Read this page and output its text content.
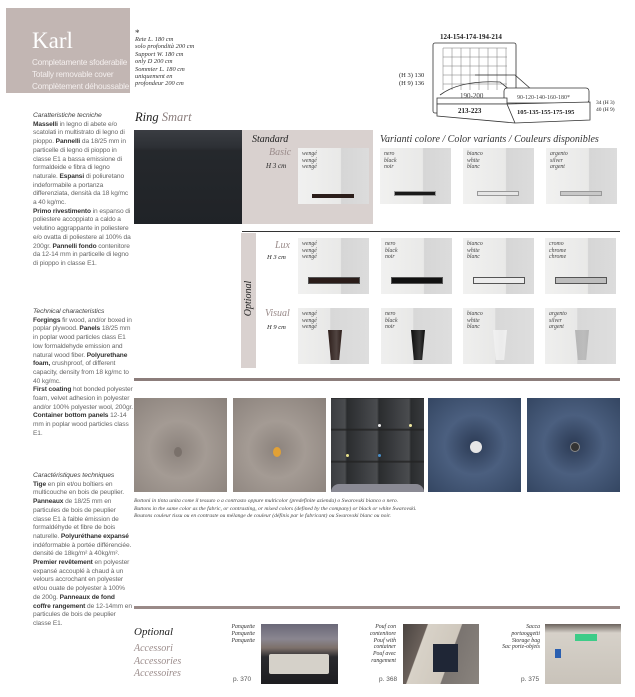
Karl
Completamente sfoderabile
Totally removable cover
Complètement déhoussable
*
Rete L. 180 cm
solo profondità 200 cm
Support W. 180 cm
only D 200 cm
Sommier L. 180 cm
uniquement en
profondeur 200 cm
124-154-174-194-214
(H 3) 130
(H 9) 136
190-200	90-120-140-160-180*
213-223	105-135-155-175-195
34 (H 3)
40 (H 9)
Caratteristiche tecniche
Masselli in legno di abete e/o scatolati in multistrato di legno di pioppo. Pannelli da 18/25 mm in particelle di legno di pioppo in classe E1 a bassa emissione di formaldeide e fibra di legno naturale. Espansi di poliuretano indeformabile a portanza differenziata, densità da 18 kg/mc a 40 kg/mc.
Primo rivestimento in espanso di poliestere accoppiato a caldo a velutino aggrappante in poliestere e/o ovatta di poliestere al 100% da 200gr. Pannelli fondo contenitore da 12-14 mm in particelle di legno di pioppo in classe E1.
Technical characteristics
Forgings fir wood, and/or boxed in poplar plywood. Panels 18/25 mm in poplar wood particles class E1 low formaldehyde emission and natural wood fiber. Polyurethane foam, crushproof, of different capacity, density from 18 kg/mc to 40 kg/mc.
First coating hot bonded polyester foam, velvet adhesion in polyester and/or 100% polyester wool, 200gr. Container bottom panels 12-14 mm in poplar wood particles class E1.
Caractéristiques techniques
Tige en pin et/ou boîtiers en multicouche en bois de peuplier. Panneaux de 18/25 mm en particules de bois de peuplier classe E1 à faible émission de formaldéhyde et fibre de bois naturelle. Polyuréthane expansé indéformable à portée différenciée. densité de 18kg/m² à 40kg/m².
Premier revêtement en polyester expansé accouplé à chaud à un velours accrochant en polyester et/ou ouate de polyester à 100% de 200g. Panneaux de fond coffre rangement de 12-14mm en particules de bois de peuplier classe E1.
Ring Smart
Standard
Basic
H 3 cm
wengé
wengé
wengé
Varianti colore / Color variants / Couleurs disponibles
Optional
Lux
H 3 cm
Visual
H 9 cm
Bottoni in tinta unita come il tessuto o a contrasto oppure multicolor (predefinite azienda) o Swarovski bianco o nero.
Buttons in the same color as the fabric, or contrasting, or mixed colors (defined by the company) or black or white Swarovski.
Boutons couleur tissu ou en contraste ou mélange de couleur (définis par le fabricant) ou Swarovski blanc ou noir.
Optional
Accessori
Accessories
Accessoires
Panquette
Panquette
Panquette
p. 370
Pouf con
contenitore
Pouf with
container
Pouf avec
rangement
p. 368
Sacca
portaoggetti
Storage bag
Sac porte-objets
p. 375
nero
black
noir
bianco
white
blanc
argento
silver
argent
wengé
wengé
wengé
nero
black
noir
bianco
white
blanc
cromo
chrome
chrome
wengé
wengé
wengé
nero
black
noir
bianco
white
blanc
argento
silver
argent
